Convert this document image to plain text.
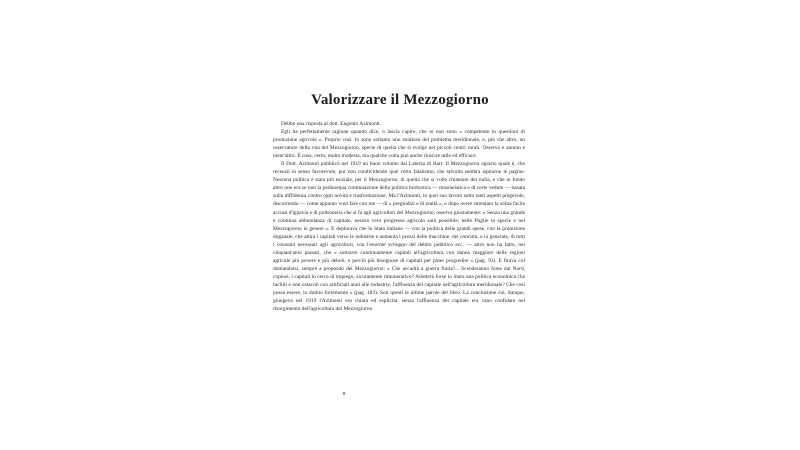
Valorizzare il Mezzogiorno

Debbo una risposta al dott. Eugenio Azimonti.

Egli ha perfettamente ragione quando dice, o lascia capire, che io non sono « competente in questioni di produzione agricola ». Proprio così. Io sono soltanto uno studioso del problema meridionale, e, più che altro, un osservatore della vita del Mezzogiorno, specie di quella che si svolge nei piccoli centri rurali. Osservo e annoto e nient'altro. È cosa, certo, molto modesta, ma qualche volta può anche riuscire utile ed efficace.

Il Dott. Azimonti pubblicò nel 1919 un buon volume dal Laterza di Bari: Il Mezzogiorno agrario quale è, che recensii in senso favorevole, pur non condividendo quel certo fatalismo, che talvolta sembra ispirarne le pagine. Nessuna politica è stata più esiziale, per il Mezzogiorno, di quella che si volle chiamare del nulla, e che in fondo altro non era se non la pedissequa continuazione della politica borbonica — misoneistica e di certe vedute — basata sulla diffidenza contro ogni novità e trasformazione. Ma l'Azimonti, in quel suo lavoro sotto tanti aspetti pregevole, discorrendo — come appunto vuol fare con me — di « pregiudizi e di realtà », e dopo avere smontato la solita facile accusa d'ignavia e di poltroneria che si fa agli agricoltori del Mezzogiorno, osserva giustamente: « Senza una grande e continua abbondanza di capitale, nessun vero progresso agricolo sarà possibile, nelle Puglie in specie e nel Mezzogiorno in genere ». E deplorava che lo Stato italiano — con la politica delle grandi spese, con la protezione doganale, che attira i capitali verso le industrie e aumenta i prezzi delle macchine, dei concimi, e in generale, di tutti i consumi necessari agli agricoltori, con l'enorme sviluppo del debito pubblico ecc. — altro non ha fatto, nei cinquant'anni passati, che « sottrarre continuamente capitali all'agricoltura con danno maggiore delle regioni agricole più povere e più deboli, e perciò più bisognose di capitali per poter progredire » (pag. 93). E finiva col domandarsi, sempre a proposito del Mezzogiorno: « Che accadrà a guerra finita?... Scenderanno forse dal Nord, copiosi, i capitali in cerca di impiego, sicuramente rimunerativo? Adotterà forse lo Stato una politica economica che faciliti e non ostacoli con artificiali aiuti alle industrie, l'affluenza del capitale nell'agricoltura meridionale? Che così possa essere, io dubito fortemente » (pag. 183). Son questi le ultime parole del libro. La conclusione cui, dunque, giungeva nel 1919 l'Azimonti era chiara ed esplicita: senza l'affluenza del capitale era vano confidare nel risorgimento dell'agricoltura del Mezzogiorno.
